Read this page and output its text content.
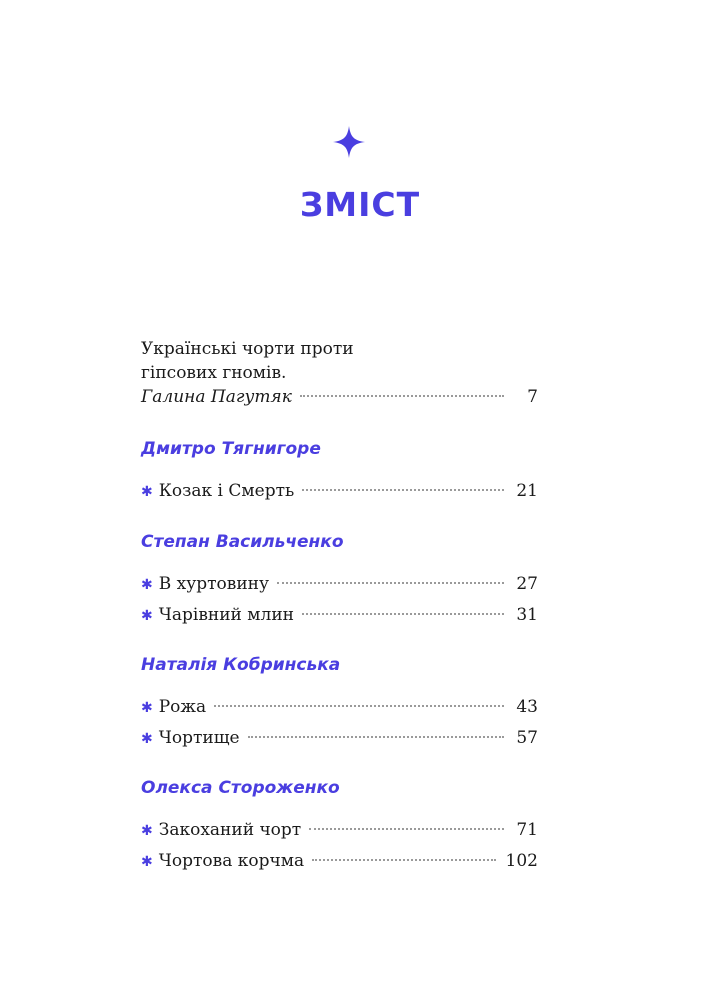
ЗМІСТ
Українські чорти проти
гіпсових гномів.
Галина Пагутяк	7
Дмитро Тягнигоре
✱ Козак і Смерть	21
Степан Васильченко
✱ В хуртовину	27
✱ Чарівний млин	31
Наталія Кобринська
✱ Рожа	43
✱ Чортище	57
Олекса Стороженко
✱ Закоханий чорт	71
✱ Чортова корчма	102
